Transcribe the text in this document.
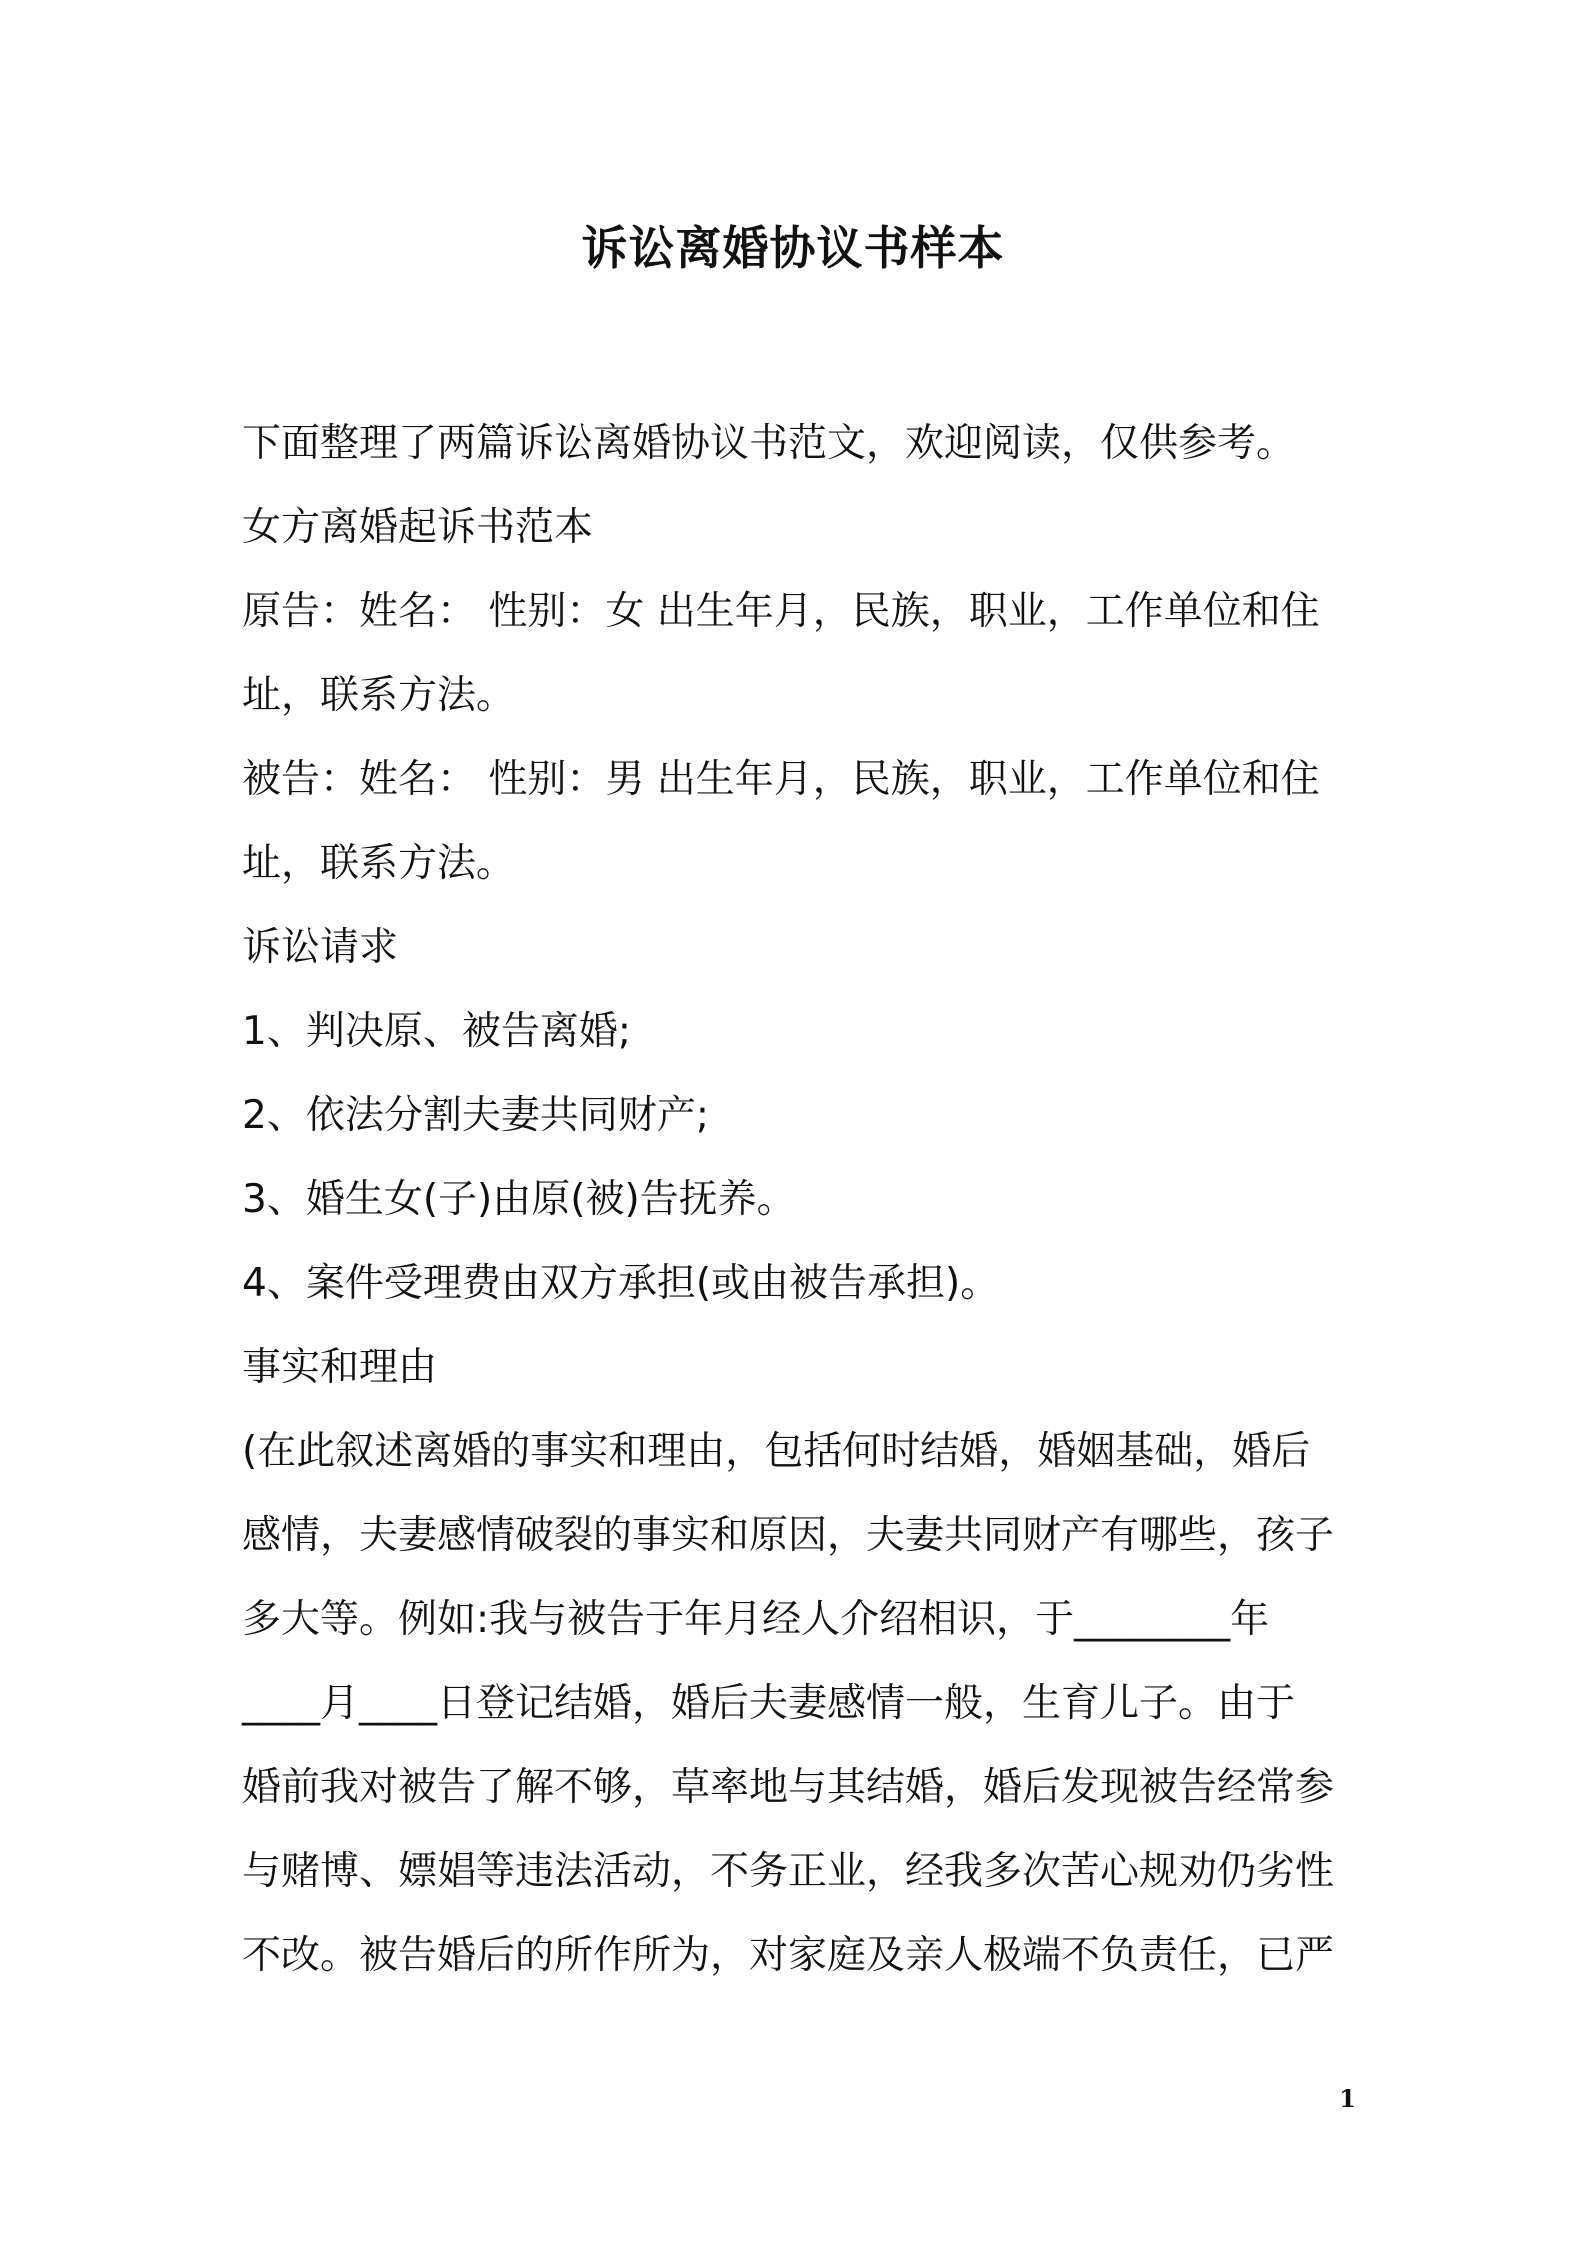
诉讼离婚协议书样本

下面整理了两篇诉讼离婚协议书范文，欢迎阅读，仅供参考。

女方离婚起诉书范本

原告：姓名： 性别：女 出生年月，民族，职业，工作单位和住

址，联系方法。

被告：姓名： 性别：男 出生年月，民族，职业，工作单位和住

址，联系方法。

诉讼请求

1、判决原、被告离婚;

2、依法分割夫妻共同财产;

3、婚生女(子)由原(被)告抚养。

4、案件受理费由双方承担(或由被告承担)。

事实和理由

(在此叙述离婚的事实和理由，包括何时结婚，婚姻基础，婚后

感情，夫妻感情破裂的事实和原因，夫妻共同财产有哪些，孩子

多大等。例如:我与被告于年月经人介绍相识，于________年

____月____日登记结婚，婚后夫妻感情一般，生育儿子。由于

婚前我对被告了解不够，草率地与其结婚，婚后发现被告经常参

与赌博、嫖娼等违法活动，不务正业，经我多次苦心规劝仍劣性

不改。被告婚后的所作所为，对家庭及亲人极端不负责任，已严

1
